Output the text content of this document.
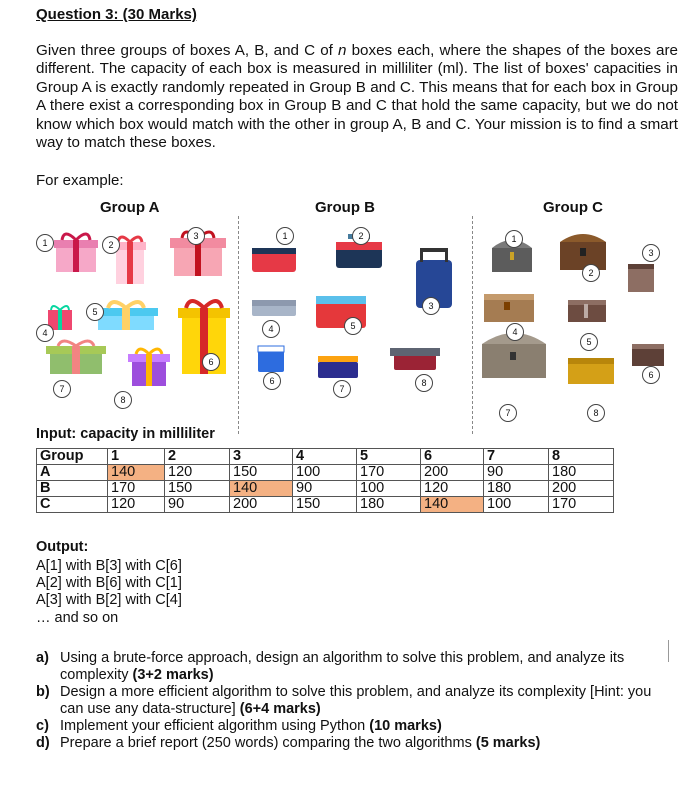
Question 3: (30 Marks)

Given three groups of boxes A, B, and C of n boxes each, where the shapes of the boxes are different. The capacity of each box is measured in milliliter (ml). The list of boxes' capacities in Group A is exactly randomly repeated in Group B and C. This means that for each box in Group A there exist a corresponding box in Group B and C that hold the same capacity, but we do not know which box would match with the other in group A, B and C. Your mission is to find a smart way to match these boxes.

For example:
Group A	Group B	Group C
1	2
3
4
5
6
7
8
1	2
3
4	5
6
7
8
1
2
3
4
5
6
7	8
Input: capacity in milliliter
Group	1	2	3	4	5	6	7	8
A	140	120	150	100	170	200	90	180
B	170	150	140	90	100	120	180	200
C	120	90	200	150	180	140	100	170
Output:
A[1] with B[3] with C[6]
A[2] with B[6] with C[1]
A[3] with B[2] with C[4]
… and so on

a) Using a brute-force approach, design an algorithm to solve this problem, and analyze its complexity (3+2 marks)

b) Design a more efficient algorithm to solve this problem, and analyze its complexity [Hint: you can use any data-structure] (6+4 marks)

c) Implement your efficient algorithm using Python (10 marks)

d) Prepare a brief report (250 words) comparing the two algorithms (5 marks)
